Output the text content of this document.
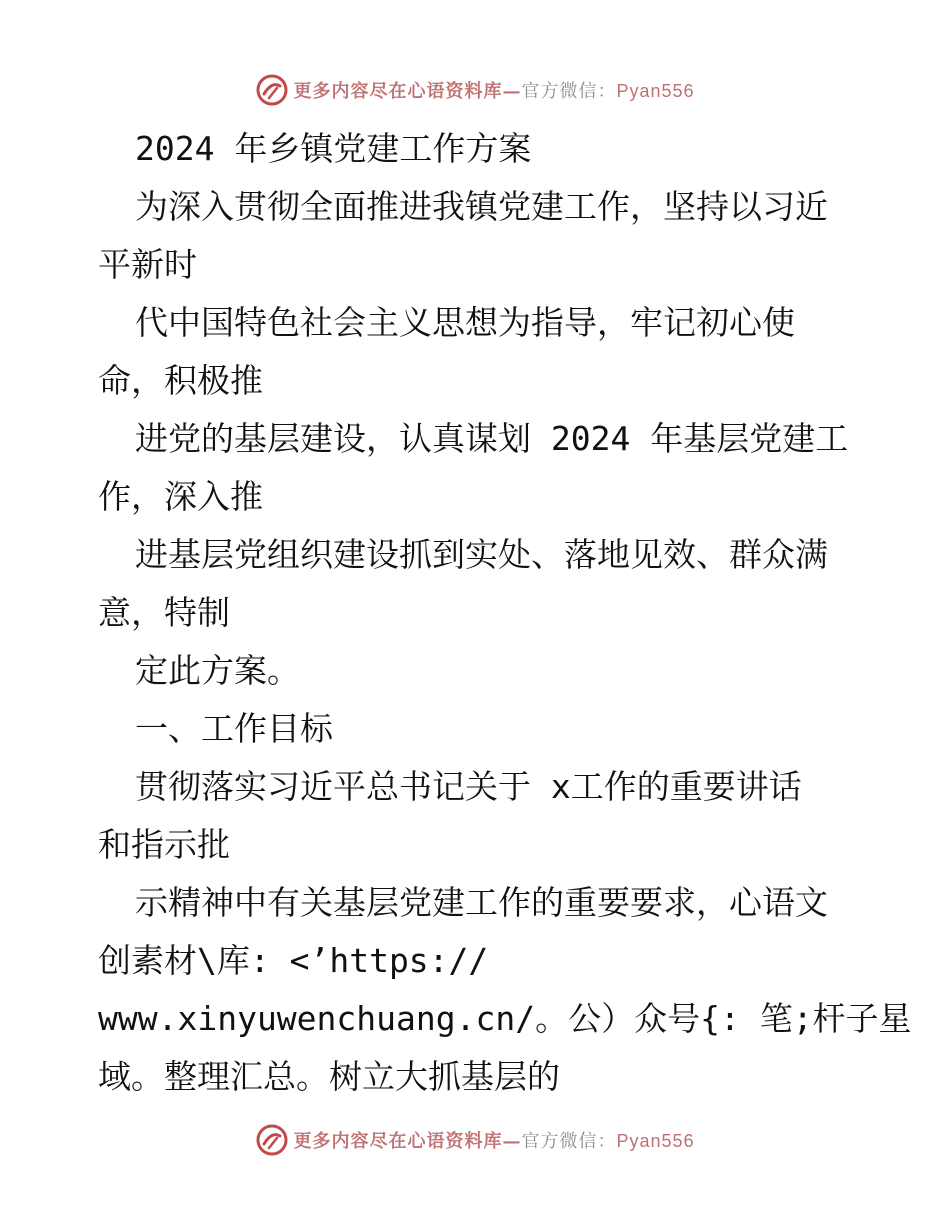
更多内容尽在心语资料库—官方微信：Pyan556
2024 年乡镇党建工作方案
为深入贯彻全面推进我镇党建工作，坚持以习近
平新时
代中国特色社会主义思想为指导，牢记初心使
命，积极推
进党的基层建设，认真谋划 2024 年基层党建工
作，深入推
进基层党组织建设抓到实处、落地见效、群众满
意，特制
定此方案。
一、工作目标
贯彻落实习近平总书记关于 x工作的重要讲话
和指示批
示精神中有关基层党建工作的重要要求，心语文
创素材\库: <’https://
www.xinyuwenchuang.cn/。公）众号{: 笔;杆子星
域。整理汇总。树立大抓基层的
更多内容尽在心语资料库—官方微信：Pyan556
